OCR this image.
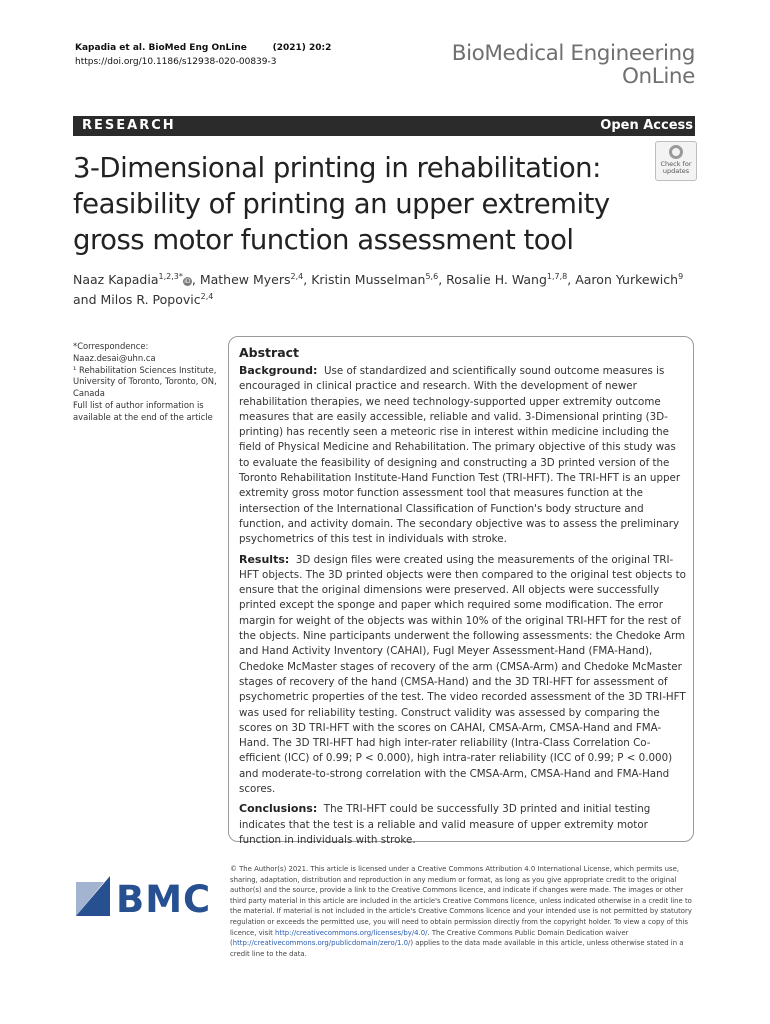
Kapadia et al. BioMed Eng OnLine	(2021) 20:2
https://doi.org/10.1186/s12938-020-00839-3	BioMedical Engineering
OnLine
RESEARCH	Open Access
3-Dimensional printing in rehabilitation: feasibility of printing an upper extremity gross motor function assessment tool
Check for
updates
Naaz Kapadia$^{1,2,3*}$iD, Mathew Myers$^{2,4}$, Kristin Musselman$^{5,6}$, Rosalie H. Wang$^{1,7,8}$, Aaron Yurkewich$^9$
and Milos R. Popovic$^{2,4}$
*Correspondence:
Naaz.desai@uhn.ca
¹ Rehabilitation Sciences Institute, University of Toronto, Toronto, ON, Canada
Full list of author information is available at the end of the article
Abstract

Background: Use of standardized and scientifically sound outcome measures is encouraged in clinical practice and research. With the development of newer rehabilitation therapies, we need technology-supported upper extremity outcome measures that are easily accessible, reliable and valid. 3-Dimensional printing (3D-printing) has recently seen a meteoric rise in interest within medicine including the field of Physical Medicine and Rehabilitation. The primary objective of this study was to evaluate the feasibility of designing and constructing a 3D printed version of the Toronto Rehabilitation Institute-Hand Function Test (TRI-HFT). The TRI-HFT is an upper extremity gross motor function assessment tool that measures function at the intersection of the International Classification of Function's body structure and function, and activity domain. The secondary objective was to assess the preliminary psychometrics of this test in individuals with stroke.

Results: 3D design files were created using the measurements of the original TRI-HFT objects. The 3D printed objects were then compared to the original test objects to ensure that the original dimensions were preserved. All objects were successfully printed except the sponge and paper which required some modification. The error margin for weight of the objects was within 10% of the original TRI-HFT for the rest of the objects. Nine participants underwent the following assessments: the Chedoke Arm and Hand Activity Inventory (CAHAI), Fugl Meyer Assessment-Hand (FMA-Hand), Chedoke McMaster stages of recovery of the arm (CMSA-Arm) and Chedoke McMaster stages of recovery of the hand (CMSA-Hand) and the 3D TRI-HFT for assessment of psychometric properties of the test. The video recorded assessment of the 3D TRI-HFT was used for reliability testing. Construct validity was assessed by comparing the scores on 3D TRI-HFT with the scores on CAHAI, CMSA-Arm, CMSA-Hand and FMA-Hand. The 3D TRI-HFT had high inter-rater reliability (Intra-Class Correlation Co-efficient (ICC) of 0.99; P < 0.000), high intra-rater reliability (ICC of 0.99; P < 0.000) and moderate-to-strong correlation with the CMSA-Arm, CMSA-Hand and FMA-Hand scores.

Conclusions: The TRI-HFT could be successfully 3D printed and initial testing indicates that the test is a reliable and valid measure of upper extremity motor function in individuals with stroke.

BMC
© The Author(s) 2021. This article is licensed under a Creative Commons Attribution 4.0 International License, which permits use, sharing, adaptation, distribution and reproduction in any medium or format, as long as you give appropriate credit to the original author(s) and the source, provide a link to the Creative Commons licence, and indicate if changes were made. The images or other third party material in this article are included in the article's Creative Commons licence, unless indicated otherwise in a credit line to the material. If material is not included in the article's Creative Commons licence and your intended use is not permitted by statutory regulation or exceeds the permitted use, you will need to obtain permission directly from the copyright holder. To view a copy of this licence, visit http://creativecommons.org/licenses/by/4.0/. The Creative Commons Public Domain Dedication waiver (http://creativecommons.org/publicdomain/zero/1.0/) applies to the data made available in this article, unless otherwise stated in a credit line to the data.
